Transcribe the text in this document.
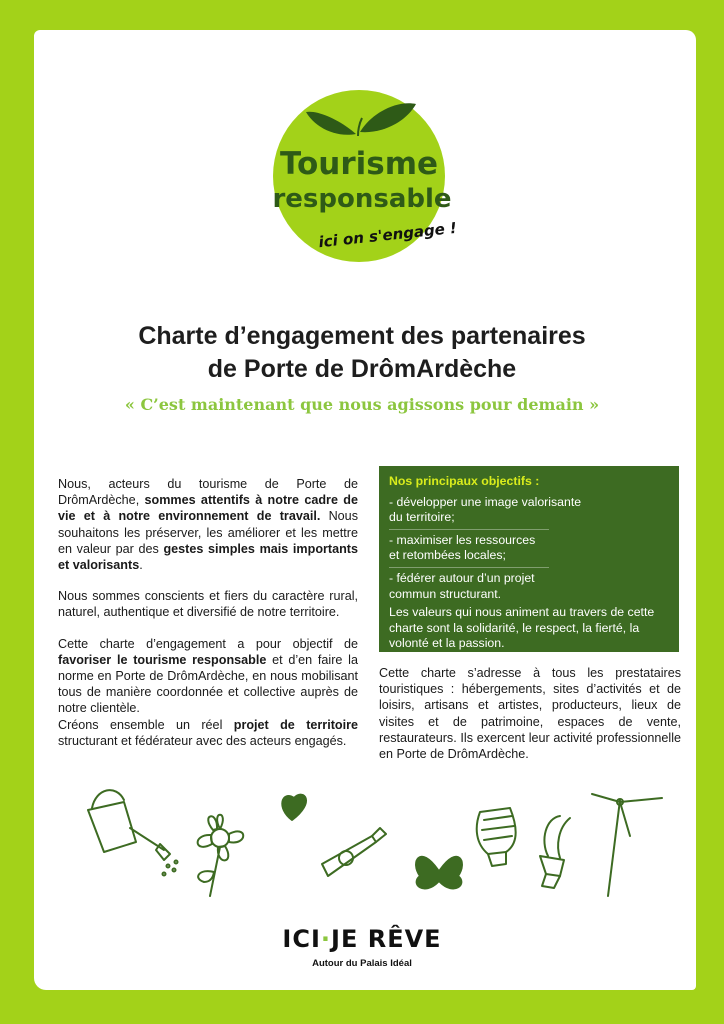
Tourisme
responsable
ici on s'engage !
Charte d’engagement des partenaires
de Porte de DrômArdèche
« C’est maintenant que nous agissons pour demain »

Nous, acteurs du tourisme de Porte de DrômArdèche, sommes attentifs à notre cadre de vie et à notre environnement de travail. Nous souhaitons les préserver, les améliorer et les mettre en valeur par des gestes simples mais importants et valorisants.

Nous sommes conscients et fiers du caractère rural, naturel, authentique et diversifié de notre territoire.

Cette charte d’engagement a pour objectif de favoriser le tourisme responsable et d’en faire la norme en Porte de DrômArdèche, en nous mobilisant tous de manière coordonnée et collective auprès de notre clientèle.

Créons ensemble un réel projet de territoire structurant et fédérateur avec des acteurs engagés.

Nos principaux objectifs :
- développer une image valorisante
du territoire;
- maximiser les ressources
et retombées locales;
- fédérer autour d’un projet
commun structurant.
Les valeurs qui nous animent au travers de cette charte sont la solidarité, le respect, la fierté, la volonté et la passion.
Cette charte s’adresse à tous les prestataires touristiques : hébergements, sites d’activités et de loisirs, artisans et artistes, producteurs, lieux de visites et de patrimoine, espaces de vente, restaurateurs. Ils exercent leur activité professionnelle en Porte de DrômArdèche.
ICI·JE RÊVE
Autour du Palais Idéal
